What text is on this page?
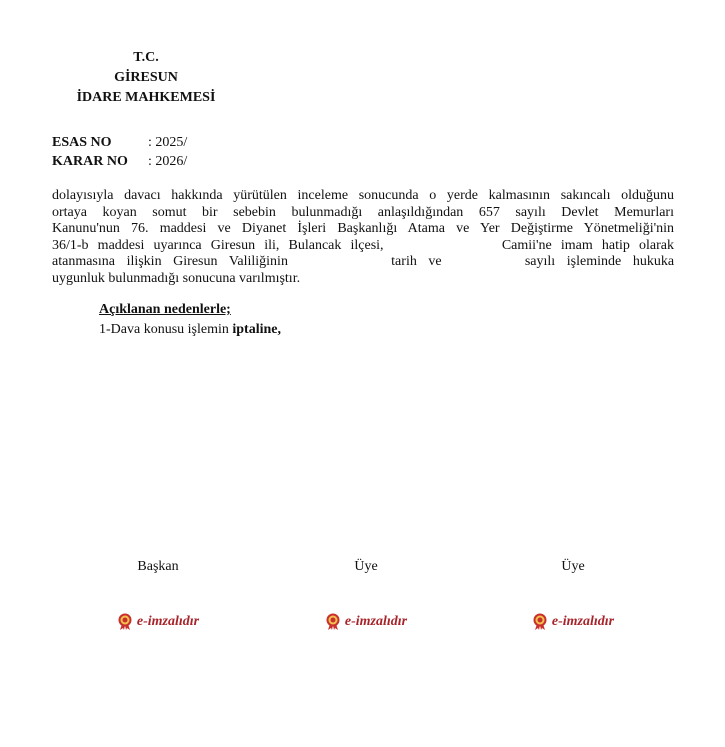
T.C.
GİRESUN
İDARE MAHKEMESİ
ESAS NO	: 2025/
KARAR NO : 2026/
dolayısıyla davacı hakkında yürütülen inceleme sonucunda o yerde kalmasının sakıncalı olduğunu
ortaya koyan somut bir sebebin bulunmadığı anlaşıldığından 657 sayılı Devlet Memurları
Kanunu'nun 76. maddesi ve Diyanet İşleri Başkanlığı Atama ve Yer Değiştirme Yönetmeliği'nin
36/1-b maddesi uyarınca Giresun ili, Bulancak ilçesi,	Camii'ne imam hatip olarak
atanmasına ilişkin Giresun Valiliğinin	tarih ve	sayılı işleminde hukuka
uygunluk bulunmadığı sonucuna varılmıştır.
Açıklanan nedenlerle;
1-Dava konusu işlemin iptaline,
Başkan
e-imzalıdır
Üye
e-imzalıdır
Üye
e-imzalıdır
